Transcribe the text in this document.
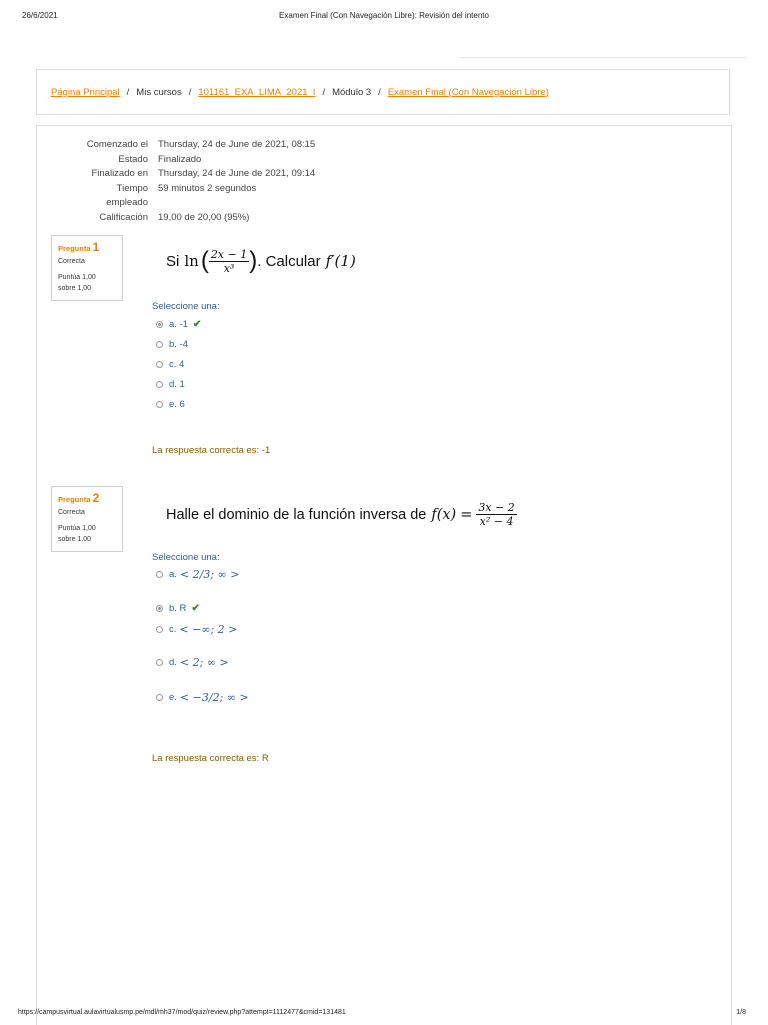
26/6/2021	Examen Final (Con Navegación Libre): Revisión del intento
Página Principal / Mis cursos / 101161_EXA_LIMA_2021_I / Módulo 3 / Examen Final (Con Navegación Libre)
Comenzado el Thursday, 24 de June de 2021, 08:15
Estado Finalizado
Finalizado en Thursday, 24 de June de 2021, 09:14
Tiempo 59 minutos 2 segundos
empleado
Calificación 19,00 de 20,00 (95%)
Pregunta 1
Correcta
Puntúa 1,00
sobre 1,00
Si ln ( $\frac{2x - 1}{\text{x³}}$ ) . Calcular f′(1)
Seleccione una:
a. -1 ✔
b. -4
c. 4
d. 1
e. 6
La respuesta correcta es: -1
Pregunta 2
Correcta
Puntúa 1,00
sobre 1,00
Halle el dominio de la función inversa de $f(x) = \frac{3x - 2}{\text{x² − 4}}$
Seleccione una:
a. < 2/3; ∞ >
b. R ✔
c. < −∞; 2 >
d. < 2; ∞ >
e. < −3/2; ∞ >
La respuesta correcta es: R
https://campusvirtual.aulavirtualusmp.pe/mdl/mh37/mod/quiz/review.php?attempt=1112477&cmid=131481	1/8
